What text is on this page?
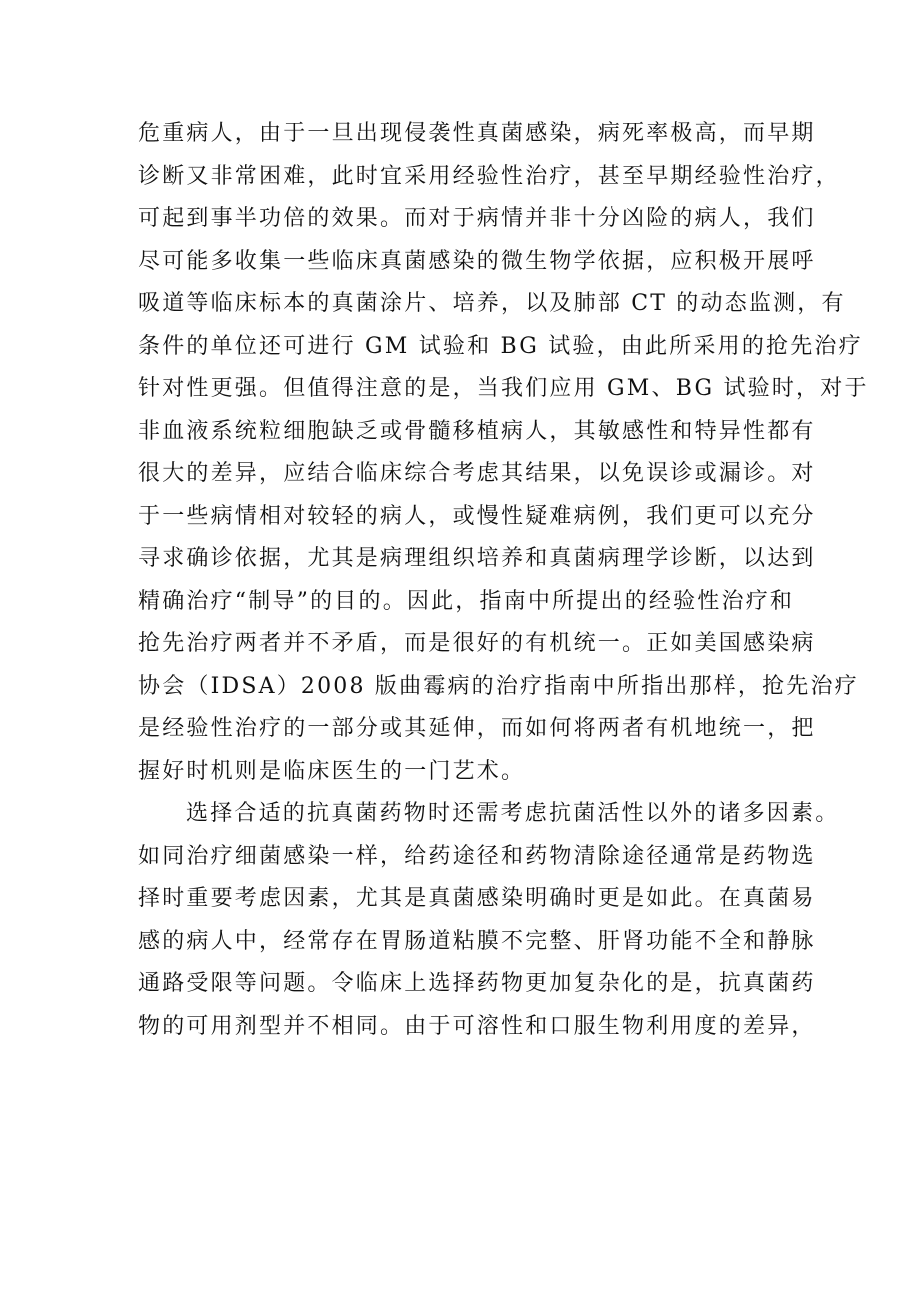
危重病人，由于一旦出现侵袭性真菌感染，病死率极高，而早期
诊断又非常困难，此时宜采用经验性治疗，甚至早期经验性治疗，
可起到事半功倍的效果。而对于病情并非十分凶险的病人，我们
尽可能多收集一些临床真菌感染的微生物学依据，应积极开展呼
吸道等临床标本的真菌涂片、培养，以及肺部 CT 的动态监测，有
条件的单位还可进行 GM 试验和 BG 试验，由此所采用的抢先治疗
针对性更强。但值得注意的是，当我们应用 GM、BG 试验时，对于
非血液系统粒细胞缺乏或骨髓移植病人，其敏感性和特异性都有
很大的差异，应结合临床综合考虑其结果，以免误诊或漏诊。对
于一些病情相对较轻的病人，或慢性疑难病例，我们更可以充分
寻求确诊依据，尤其是病理组织培养和真菌病理学诊断，以达到
精确治疗“制导”的目的。因此，指南中所提出的经验性治疗和
抢先治疗两者并不矛盾，而是很好的有机统一。正如美国感染病
协会（IDSA）2008 版曲霉病的治疗指南中所指出那样，抢先治疗
是经验性治疗的一部分或其延伸，而如何将两者有机地统一，把
握好时机则是临床医生的一门艺术。
选择合适的抗真菌药物时还需考虑抗菌活性以外的诸多因素。
如同治疗细菌感染一样，给药途径和药物清除途径通常是药物选
择时重要考虑因素，尤其是真菌感染明确时更是如此。在真菌易
感的病人中，经常存在胃肠道粘膜不完整、肝肾功能不全和静脉
通路受限等问题。令临床上选择药物更加复杂化的是，抗真菌药
物的可用剂型并不相同。由于可溶性和口服生物利用度的差异，
